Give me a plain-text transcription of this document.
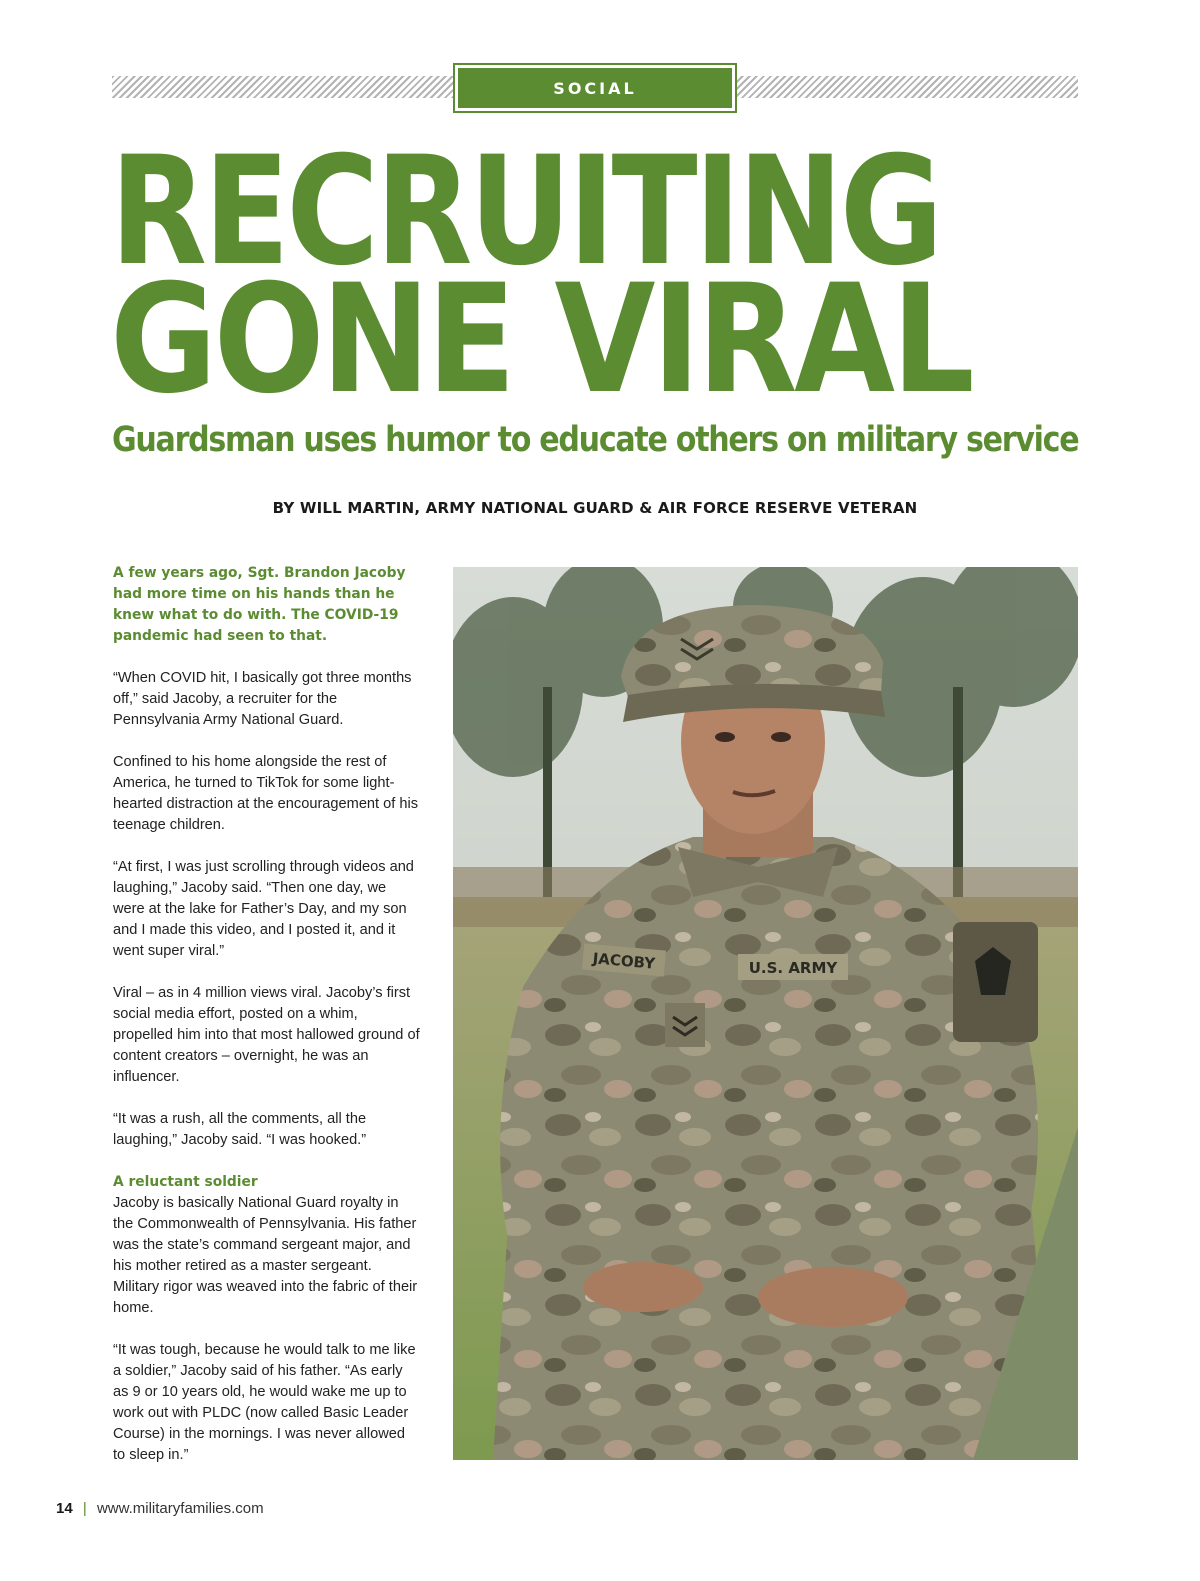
SOCIAL
RECRUITING
GONE VIRAL
Guardsman uses humor to educate others on military service
BY WILL MARTIN, ARMY NATIONAL GUARD & AIR FORCE RESERVE VETERAN

A few years ago, Sgt. Brandon Jacoby had more time on his hands than he knew what to do with. The COVID-19 pandemic had seen to that.

“When COVID hit, I basically got three months off,” said Jacoby, a recruiter for the Pennsylvania Army National Guard.

Confined to his home alongside the rest of America, he turned to TikTok for some light-hearted distraction at the encouragement of his teenage children.

“At first, I was just scrolling through videos and laughing,” Jacoby said. “Then one day, we were at the lake for Father’s Day, and my son and I made this video, and I posted it, and it went super viral.”

Viral – as in 4 million views viral. Jacoby’s first social media effort, posted on a whim, propelled him into that most hallowed ground of content creators – overnight, he was an influencer.

“It was a rush, all the comments, all the laughing,” Jacoby said. “I was hooked.”

A reluctant soldier
Jacoby is basically National Guard royalty in the Commonwealth of Pennsylvania. His father was the state’s command sergeant major, and his mother retired as a master sergeant. Military rigor was weaved into the fabric of their home.

“It was tough, because he would talk to me like a soldier,” Jacoby said of his father. “As early as 9 or 10 years old, he would wake me up to work out with PLDC (now called Basic Leader Course) in the mornings. I was never allowed to sleep in.”

JACOBY	U.S. ARMY
14 | www.militaryfamilies.com
